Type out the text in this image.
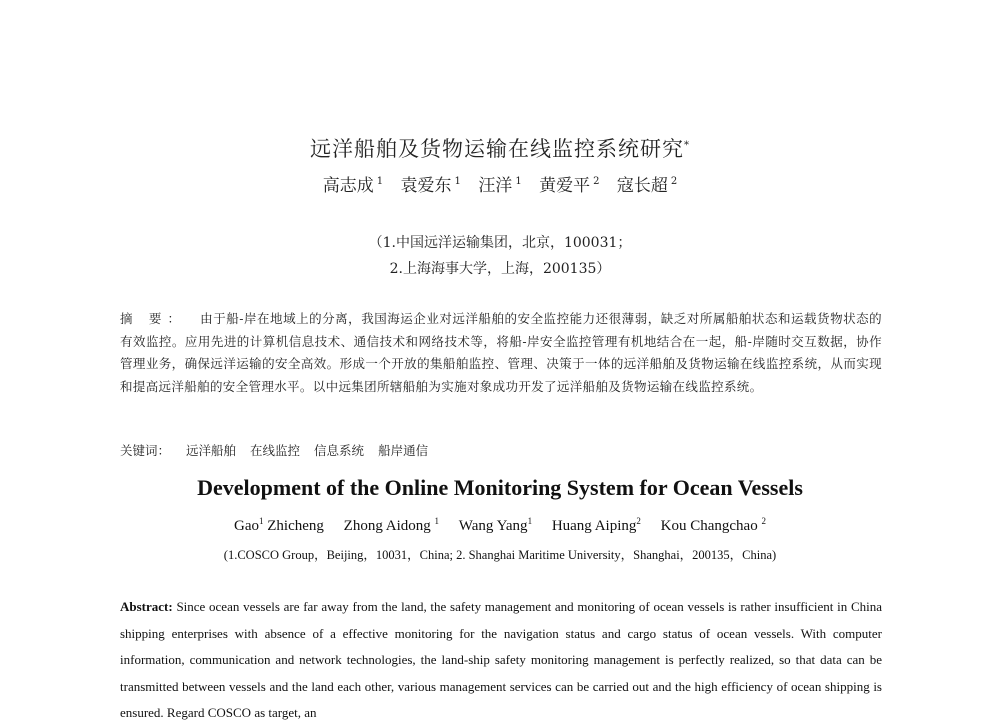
远洋船舶及货物运输在线监控系统研究*
高志成 $^1$ 袁爱东 $^1$ 汪洋 $^1$ 黄爱平 $^2$ 寇长超 $^2$
（1.中国远洋运输集团，北京，100031；
2.上海海事大学，上海，200135）
摘 要： 由于船-岸在地域上的分离，我国海运企业对远洋船舶的安全监控能力还很薄弱，缺乏对所属船舶状态和运载货物状态的有效监控。应用先进的计算机信息技术、通信技术和网络技术等，将船-岸安全监控管理有机地结合在一起，船-岸随时交互数据，协作管理业务，确保远洋运输的安全高效。形成一个开放的集船舶监控、管理、决策于一体的远洋船舶及货物运输在线监控系统，从而实现和提高远洋船舶的安全管理水平。以中远集团所辖船舶为实施对象成功开发了远洋船舶及货物运输在线监控系统。
关键词： 远洋船舶 在线监控 信息系统 船岸通信
Development of the Online Monitoring System for Ocean Vessels
Gao$^1$ Zhicheng Zhong Aidong $^1$ Wang Yang$^1$ Huang Aiping$^2$ Kou Changchao $^2$
(1.COSCO Group，Beijing，10031，China; 2. Shanghai Maritime University，Shanghai，200135，China)
Abstract: Since ocean vessels are far away from the land, the safety management and monitoring of ocean vessels is rather insufficient in China shipping enterprises with absence of a effective monitoring for the navigation status and cargo status of ocean vessels. With computer information, communication and network technologies, the land-ship safety monitoring management is perfectly realized, so that data can be transmitted between vessels and the land each other, various management services can be carried out and the high efficiency of ocean shipping is ensured. Regard COSCO as target, an
